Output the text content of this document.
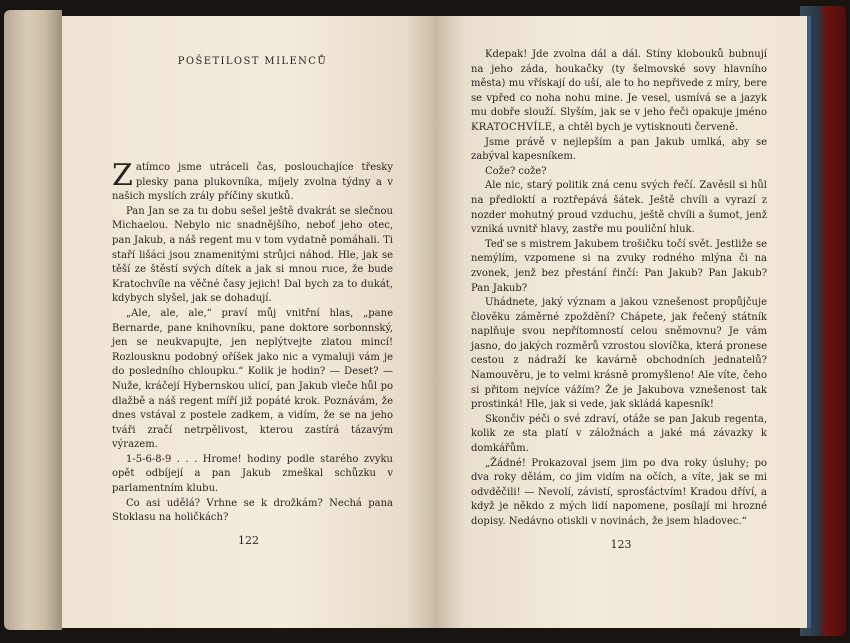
POŠETILOST MILENCŮ

Zatímco jsme utráceli čas, poslouchajíce třesky plesky pana plukovníka, míjely zvolna týdny a v našich myslích zrály příčiny skutků.

Pan Jan se za tu dobu sešel ještě dvakrát se slečnou Michaelou. Nebylo nic snadnějšího, neboť jeho otec, pan Jakub, a náš regent mu v tom vydatně pomáhali. Ti staří lišáci jsou znamenitými strůjci náhod. Hle, jak se těší ze štěstí svých dítek a jak si mnou ruce, že bude Kratochvíle na věčné časy jejich! Dal bych za to dukát, kdybych slyšel, jak se dohadují.

„Ale, ale, ale,“ praví můj vnitřní hlas, „pane Bernarde, pane knihovníku, pane doktore sorbonnský, jen se neukvapujte, jen neplýtvejte zlatou mincí! Rozlousknu podobný oříšek jako nic a vymaluji vám je do posledního chloupku.“ Kolik je hodin? — Deset? — Nuže, kráčejí Hybernskou ulicí, pan Jakub vleče hůl po dlažbě a náš regent míří již popáté krok. Poznávám, že dnes vstával z postele zadkem, a vidím, že se na jeho tváři zračí netrpělivost, kterou zastírá tázavým výrazem.

1-5-6-8-9 . . . Hrome! hodiny podle starého zvyku opět odbíjejí a pan Jakub zmeškal schůzku v parlamentním klubu.

Co asi udělá? Vrhne se k drožkám? Nechá pana Stoklasu na holičkách?

122

Kdepak! Jde zvolna dál a dál. Stíny klobouků bubnují na jeho záda, houkačky (ty šelmovské sovy hlavního města) mu vřískají do uší, ale to ho nepřivede z míry, bere se vpřed co noha nohu mine. Je vesel, usmívá se a jazyk mu dobře slouží. Slyším, jak se v jeho řeči opakuje jméno KRATOCHVÍLE, a chtěl bych je vytisknouti červeně.

Jsme právě v nejlepším a pan Jakub umlká, aby se zabýval kapesníkem.

Cože? cože?

Ale nic, starý politik zná cenu svých řečí. Zavěsil si hůl na předloktí a roztřepává šátek. Ještě chvíli a vyrazí z nozder mohutný proud vzduchu, ještě chvíli a šumot, jenž vzniká uvnitř hlavy, zastře mu pouliční hluk.

Teď se s mistrem Jakubem trošičku točí svět. Jestliže se nemýlím, vzpomene si na zvuky rodného mlýna či na zvonek, jenž bez přestání řinčí: Pan Jakub? Pan Jakub? Pan Jakub?

Uhádnete, jaký význam a jakou vznešenost propůjčuje člověku záměrné zpoždění? Chápete, jak řečený státník naplňuje svou nepřítomností celou sněmovnu? Je vám jasno, do jakých rozměrů vzrostou slovíčka, která pronese cestou z nádraží ke kavárně obchodních jednatelů? Namouvěru, je to velmi krásně promyšleno! Ale víte, čeho si přitom nejvíce vážím? Že je Jakubova vznešenost tak prostinká! Hle, jak si vede, jak skládá kapesník!

Skončiv péči o své zdraví, otáže se pan Jakub regenta, kolik ze sta platí v záložnách a jaké má závazky k domkářům.

„Žádné! Prokazoval jsem jim po dva roky úsluhy; po dva roky dělám, co jim vidím na očích, a víte, jak se mi odvděčili! — Nevolí, závistí, sprosťáctvím! Kradou dříví, a když je někdo z mých lidí napomene, posílají mi hrozné dopisy. Nedávno otiskli v novinách, že jsem hladovec.“

123
